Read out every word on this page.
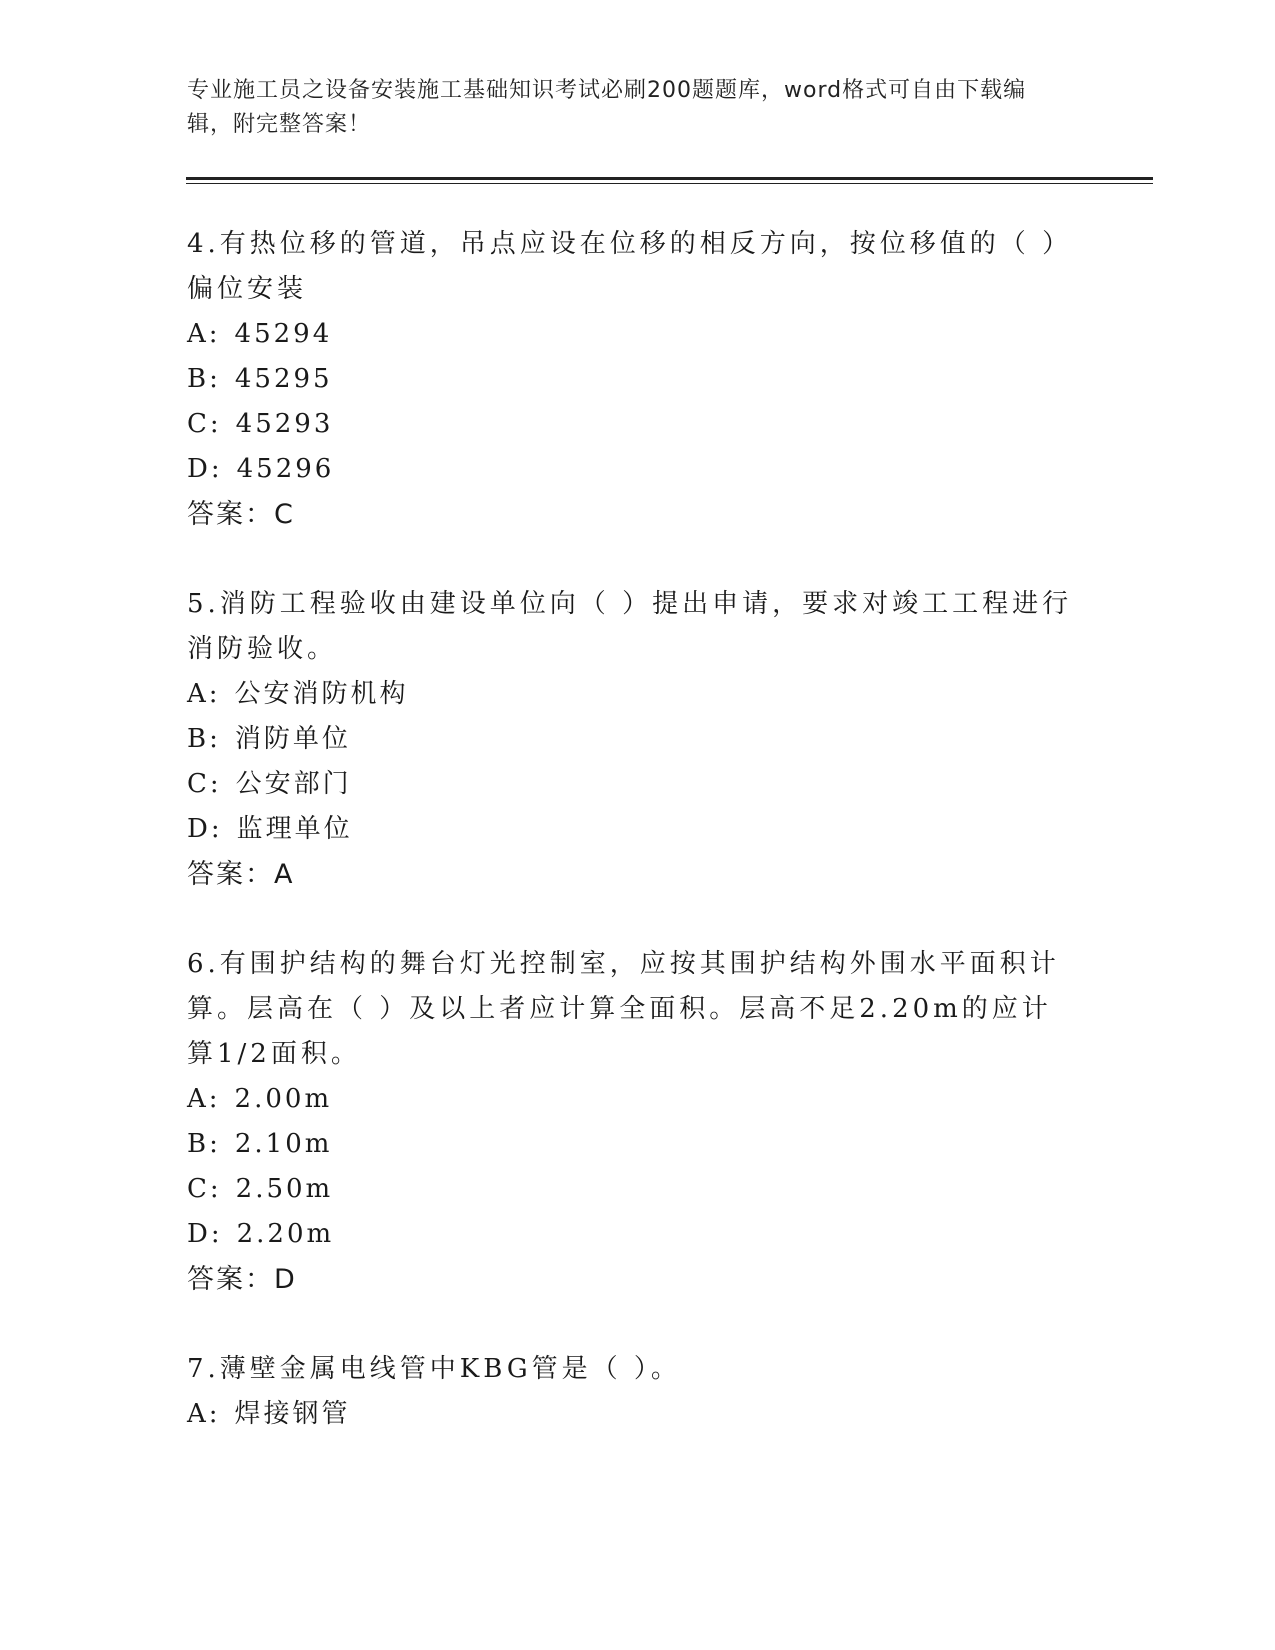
专业施工员之设备安装施工基础知识考试必刷200题题库，word格式可自由下载编辑，附完整答案！

4.有热位移的管道，吊点应设在位移的相反方向，按位移值的（ ）偏位安装

A: 45294

B: 45295

C: 45293

D: 45296

答案：C

5.消防工程验收由建设单位向（ ）提出申请，要求对竣工工程进行消防验收。

A: 公安消防机构

B: 消防单位

C: 公安部门

D: 监理单位

答案：A

6.有围护结构的舞台灯光控制室，应按其围护结构外围水平面积计算。层高在（ ）及以上者应计算全面积。层高不足2.20m的应计算1/2面积。

A: 2.00m

B: 2.10m

C: 2.50m

D: 2.20m

答案：D

7.薄壁金属电线管中KBG管是（ ）。

A: 焊接钢管
